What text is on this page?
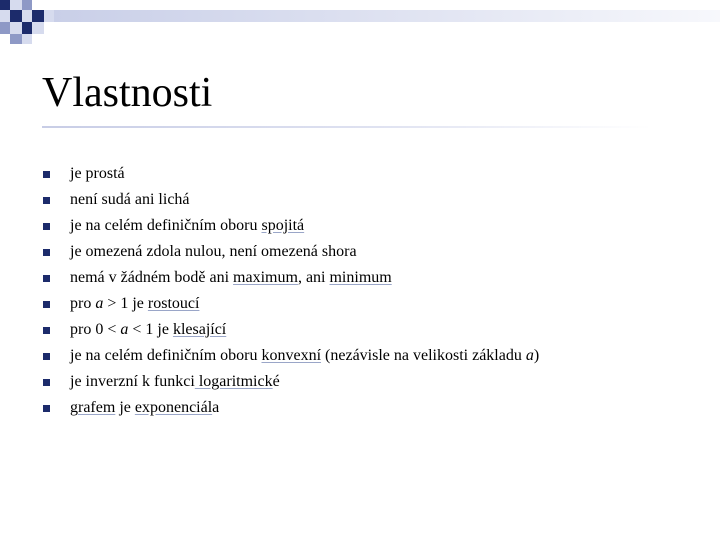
Vlastnosti
je prostá
není sudá ani lichá
je na celém definičním oboru spojitá
je omezená zdola nulou, není omezená shora
nemá v žádném bodě ani maximum , ani minimum
pro a > 1 je rostoucí
pro 0 < a < 1 je klesající
je na celém definičním oboru konvexní (nezávisle na velikosti základu a )
je inverzní k funkci logaritmick é
g rafem je exponenciál a
